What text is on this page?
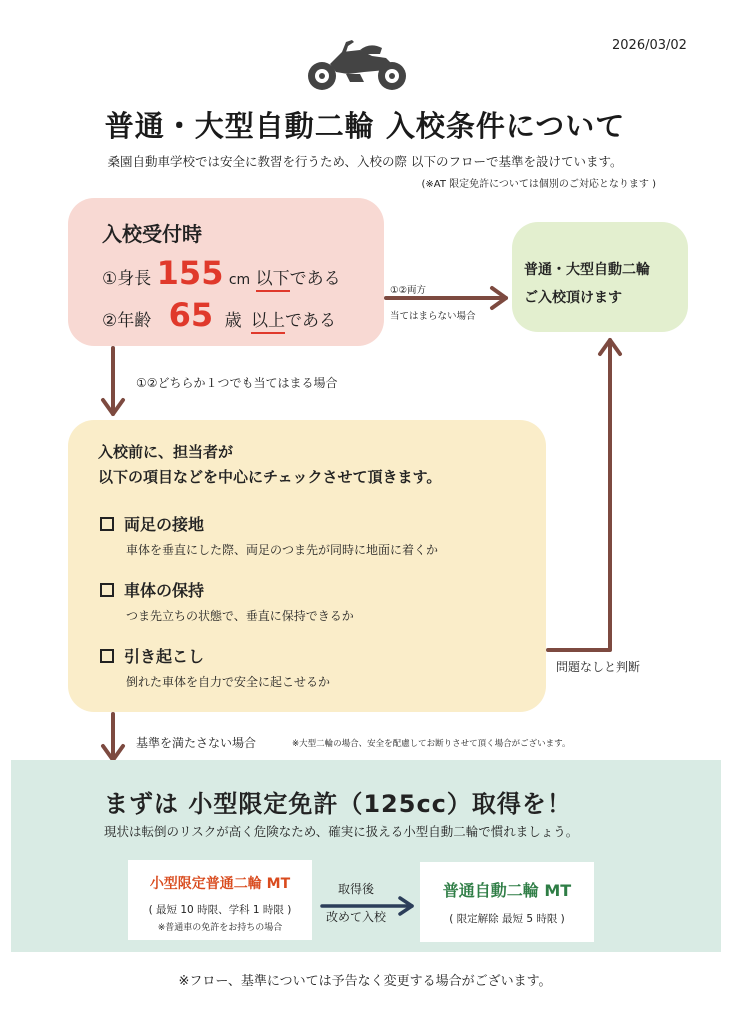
2026/03/02
普通・大型自動二輪 入校条件について
桑園自動車学校では安全に教習を行うため、入校の際 以下のフローで基準を設けています。
(※AT 限定免許については個別のご対応となります )
入校受付時
①身長 155 cm 以下である
②年齢 65 歳 以上である
①②両方
当てはまらない場合
普通・大型自動二輪
ご入校頂けます
①②どちらか１つでも当てはまる場合
入校前に、担当者が
以下の項目などを中心にチェックさせて頂きます。
両足の接地
車体を垂直にした際、両足のつま先が同時に地面に着くか
車体の保持
つま先立ちの状態で、垂直に保持できるか
引き起こし
倒れた車体を自力で安全に起こせるか
問題なしと判断
基準を満たさない場合	※大型二輪の場合、安全を配慮してお断りさせて頂く場合がございます。
まずは 小型限定免許（125cc）取得を！
現状は転倒のリスクが高く危険なため、確実に扱える小型自動二輪で慣れましょう。
小型限定普通二輪 MT
( 最短 10 時限、学科 1 時限 )
※普通車の免許をお持ちの場合
取得後
改めて入校
普通自動二輪 MT
( 限定解除 最短 5 時限 )
※フロー、基準については予告なく変更する場合がございます。
